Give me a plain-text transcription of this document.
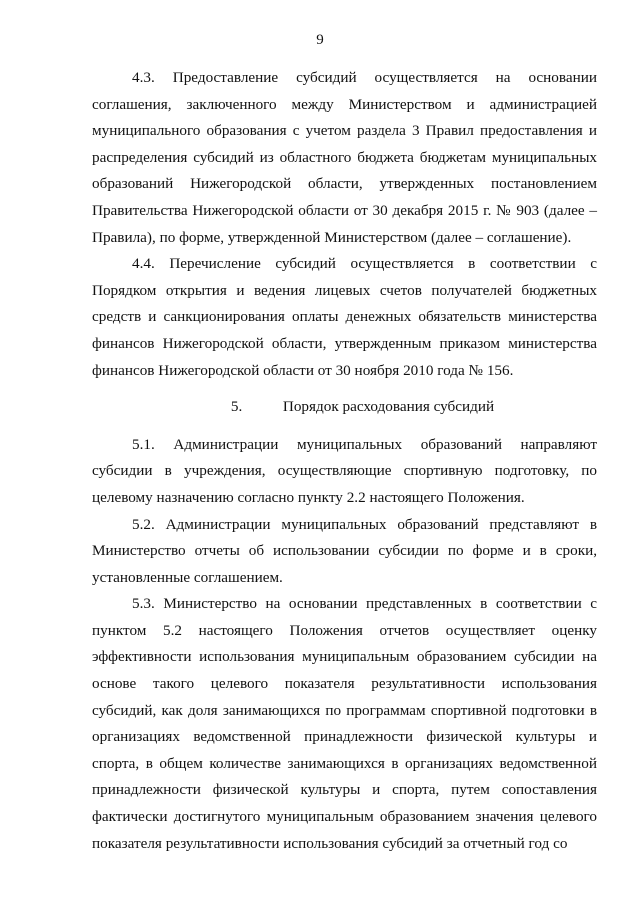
9

4.3. Предоставление субсидий осуществляется на основании соглашения, заключенного между Министерством и администрацией муниципального образования с учетом раздела 3 Правил предоставления и распределения субсидий из областного бюджета бюджетам муниципальных образований Нижегородской области, утвержденных постановлением Правительства Нижегородской области от 30 декабря 2015 г. № 903 (далее – Правила), по форме, утвержденной Министерством (далее – соглашение).

4.4. Перечисление субсидий осуществляется в соответствии с Порядком открытия и ведения лицевых счетов получателей бюджетных средств и санкционирования оплаты денежных обязательств министерства финансов Нижегородской области, утвержденным приказом министерства финансов Нижегородской области от 30 ноября 2010 года № 156.

5.	Порядок расходования субсидий

5.1. Администрации муниципальных образований направляют субсидии в учреждения, осуществляющие спортивную подготовку, по целевому назначению согласно пункту 2.2 настоящего Положения.

5.2. Администрации муниципальных образований представляют в Министерство отчеты об использовании субсидии по форме и в сроки, установленные соглашением.

5.3. Министерство на основании представленных в соответствии с пунктом 5.2 настоящего Положения отчетов осуществляет оценку эффективности использования муниципальным образованием субсидии на основе такого целевого показателя результативности использования субсидий, как доля занимающихся по программам спортивной подготовки в организациях ведомственной принадлежности физической культуры и спорта, в общем количестве занимающихся в организациях ведомственной принадлежности физической культуры и спорта, путем сопоставления фактически достигнутого муниципальным образованием значения целевого показателя результативности использования субсидий за отчетный год со
